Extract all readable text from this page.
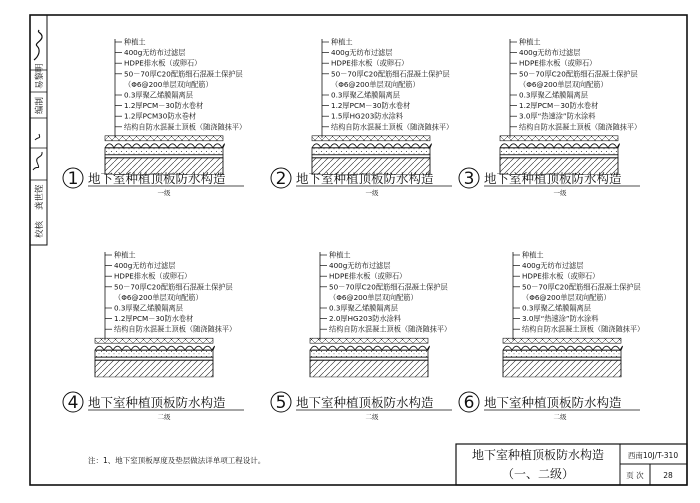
校核
龚世铿
编制
易黎明
种植土
400g无纺布过滤层
HDPE排水板（或卵石）
50－70厚C20配筋细石混凝土保护层
（Φ6@200单层双向配筋）
0.3厚聚乙烯膜隔离层
1.2厚PCM－30防水卷材
1.2厚PCM30防水卷材
结构自防水混凝土顶板（随浇随抹平）
1 地下室种植顶板防水构造
一级
种植土
400g无纺布过滤层
HDPE排水板（或卵石）
50－70厚C20配筋细石混凝土保护层
（Φ6@200单层双向配筋）
0.3厚聚乙烯膜隔离层
1.2厚PCM－30防水卷材
1.5厚HG203防水涂料
结构自防水混凝土顶板（随浇随抹平）
2 地下室种植顶板防水构造
一级
种植土
400g无纺布过滤层
HDPE排水板（或卵石）
50－70厚C20配筋细石混凝土保护层
（Φ6@200单层双向配筋）
0.3厚聚乙烯膜隔离层
1.2厚PCM－30防水卷材
3.0厚“热速涂”防水涂料
结构自防水混凝土顶板（随浇随抹平）
3 地下室种植顶板防水构造
一级
种植土
400g无纺布过滤层
HDPE排水板（或卵石）
50－70厚C20配筋细石混凝土保护层
（Φ6@200单层双向配筋）
0.3厚聚乙烯膜隔离层
1.2厚PCM－30防水卷材
结构自防水混凝土顶板（随浇随抹平）
4 地下室种植顶板防水构造
二级
种植土
400g无纺布过滤层
HDPE排水板（或卵石）
50－70厚C20配筋细石混凝土保护层
（Φ6@200单层双向配筋）
0.3厚聚乙烯膜隔离层
2.0厚HG203防水涂料
结构自防水混凝土顶板（随浇随抹平）
5 地下室种植顶板防水构造
二级
种植土
400g无纺布过滤层
HDPE排水板（或卵石）
50－70厚C20配筋细石混凝土保护层
（Φ6@200单层双向配筋）
0.3厚聚乙烯膜隔离层
3.0厚“热速涂”防水涂料
结构自防水混凝土顶板（随浇随抹平）
6 地下室种植顶板防水构造
二级
注：1、地下室顶板厚度及垫层做法详单项工程设计。	地下室种植顶板防水构造
（一、二级）
西南10J/T-310
页 次	28
